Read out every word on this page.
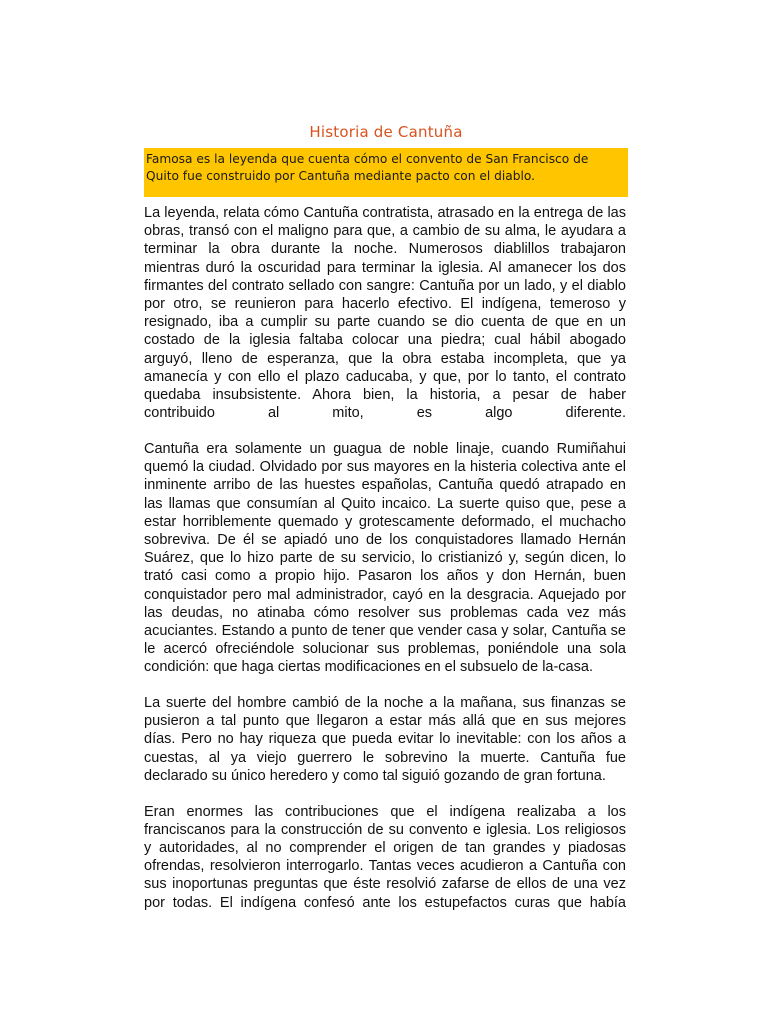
Historia de Cantuña
Famosa es la leyenda que cuenta cómo el convento de San Francisco de Quito fue construido por Cantuña mediante pacto con el diablo.

La leyenda, relata cómo Cantuña contratista, atrasado en la entrega de las obras, transó con el maligno para que, a cambio de su alma, le ayudara a terminar la obra durante la noche. Numerosos diablillos trabajaron mientras duró la oscuridad para terminar la iglesia. Al amanecer los dos firmantes del contrato sellado con sangre: Cantuña por un lado, y el diablo por otro, se reunieron para hacerlo efectivo. El indígena, temeroso y resignado, iba a cumplir su parte cuando se dio cuenta de que en un costado de la iglesia faltaba colocar una piedra; cual hábil abogado arguyó, lleno de esperanza, que la obra estaba incompleta, que ya amanecía y con ello el plazo caducaba, y que, por lo tanto, el contrato quedaba insubsistente. Ahora bien, la historia, a pesar de haber contribuido al mito, es algo diferente.

Cantuña era solamente un guagua de noble linaje, cuando Rumiñahui quemó la ciudad. Olvidado por sus mayores en la histeria colectiva ante el inminente arribo de las huestes españolas, Cantuña quedó atrapado en las llamas que consumían al Quito incaico. La suerte quiso que, pese a estar horriblemente quemado y grotescamente deformado, el muchacho sobreviva. De él se apiadó uno de los conquistadores llamado Hernán Suárez, que lo hizo parte de su servicio, lo cristianizó y, según dicen, lo trató casi como a propio hijo. Pasaron los años y don Hernán, buen conquistador pero mal administrador, cayó en la desgracia. Aquejado por las deudas, no atinaba cómo resolver sus problemas cada vez más acuciantes. Estando a punto de tener que vender casa y solar, Cantuña se le acercó ofreciéndole solucionar sus problemas, poniéndole una sola condición: que haga ciertas modificaciones en el subsuelo de la-casa.

La suerte del hombre cambió de la noche a la mañana, sus finanzas se pusieron a tal punto que llegaron a estar más allá que en sus mejores días. Pero no hay riqueza que pueda evitar lo inevitable: con los años a cuestas, al ya viejo guerrero le sobrevino la muerte. Cantuña fue declarado su único heredero y como tal siguió gozando de gran fortuna.

Eran enormes las contribuciones que el indígena realizaba a los franciscanos para la construcción de su convento e iglesia. Los religiosos y autoridades, al no comprender el origen de tan grandes y piadosas ofrendas, resolvieron interrogarlo. Tantas veces acudieron a Cantuña con sus inoportunas preguntas que éste resolvió zafarse de ellos de una vez por todas. El indígena confesó ante los estupefactos curas que había
